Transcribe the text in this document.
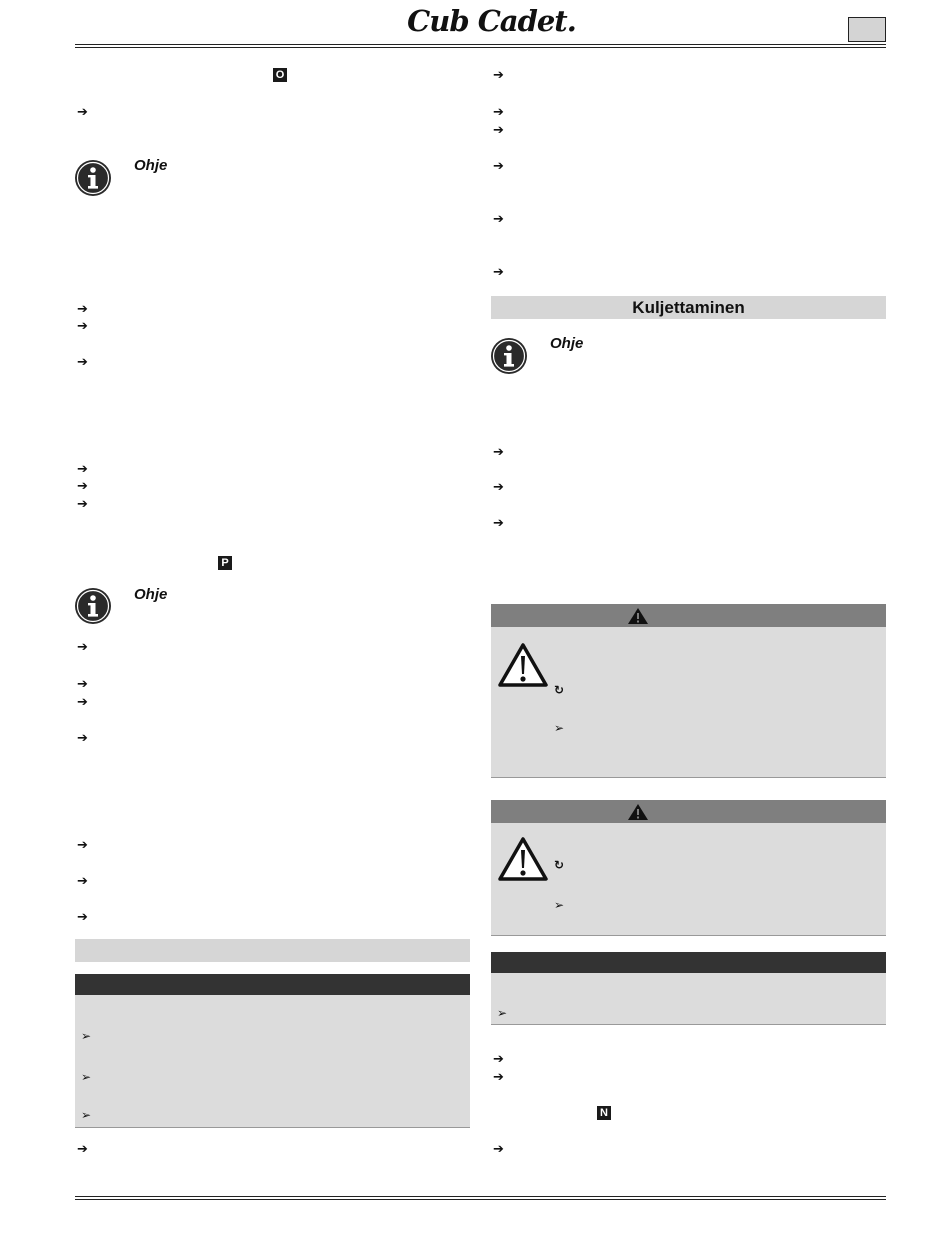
Cub Cadet.
O
➔
Ohje
➔
➔
➔
➔
➔
➔
P
Ohje
➔
➔
➔
➔
➔
➔
➔
➢
➢
➢
➔
➔
➔
➔
➔
➔
➔
Kuljettaminen
Ohje
➔
➔
➔
↻
➢
↻
➢
➢
➔
➔
N
➔
